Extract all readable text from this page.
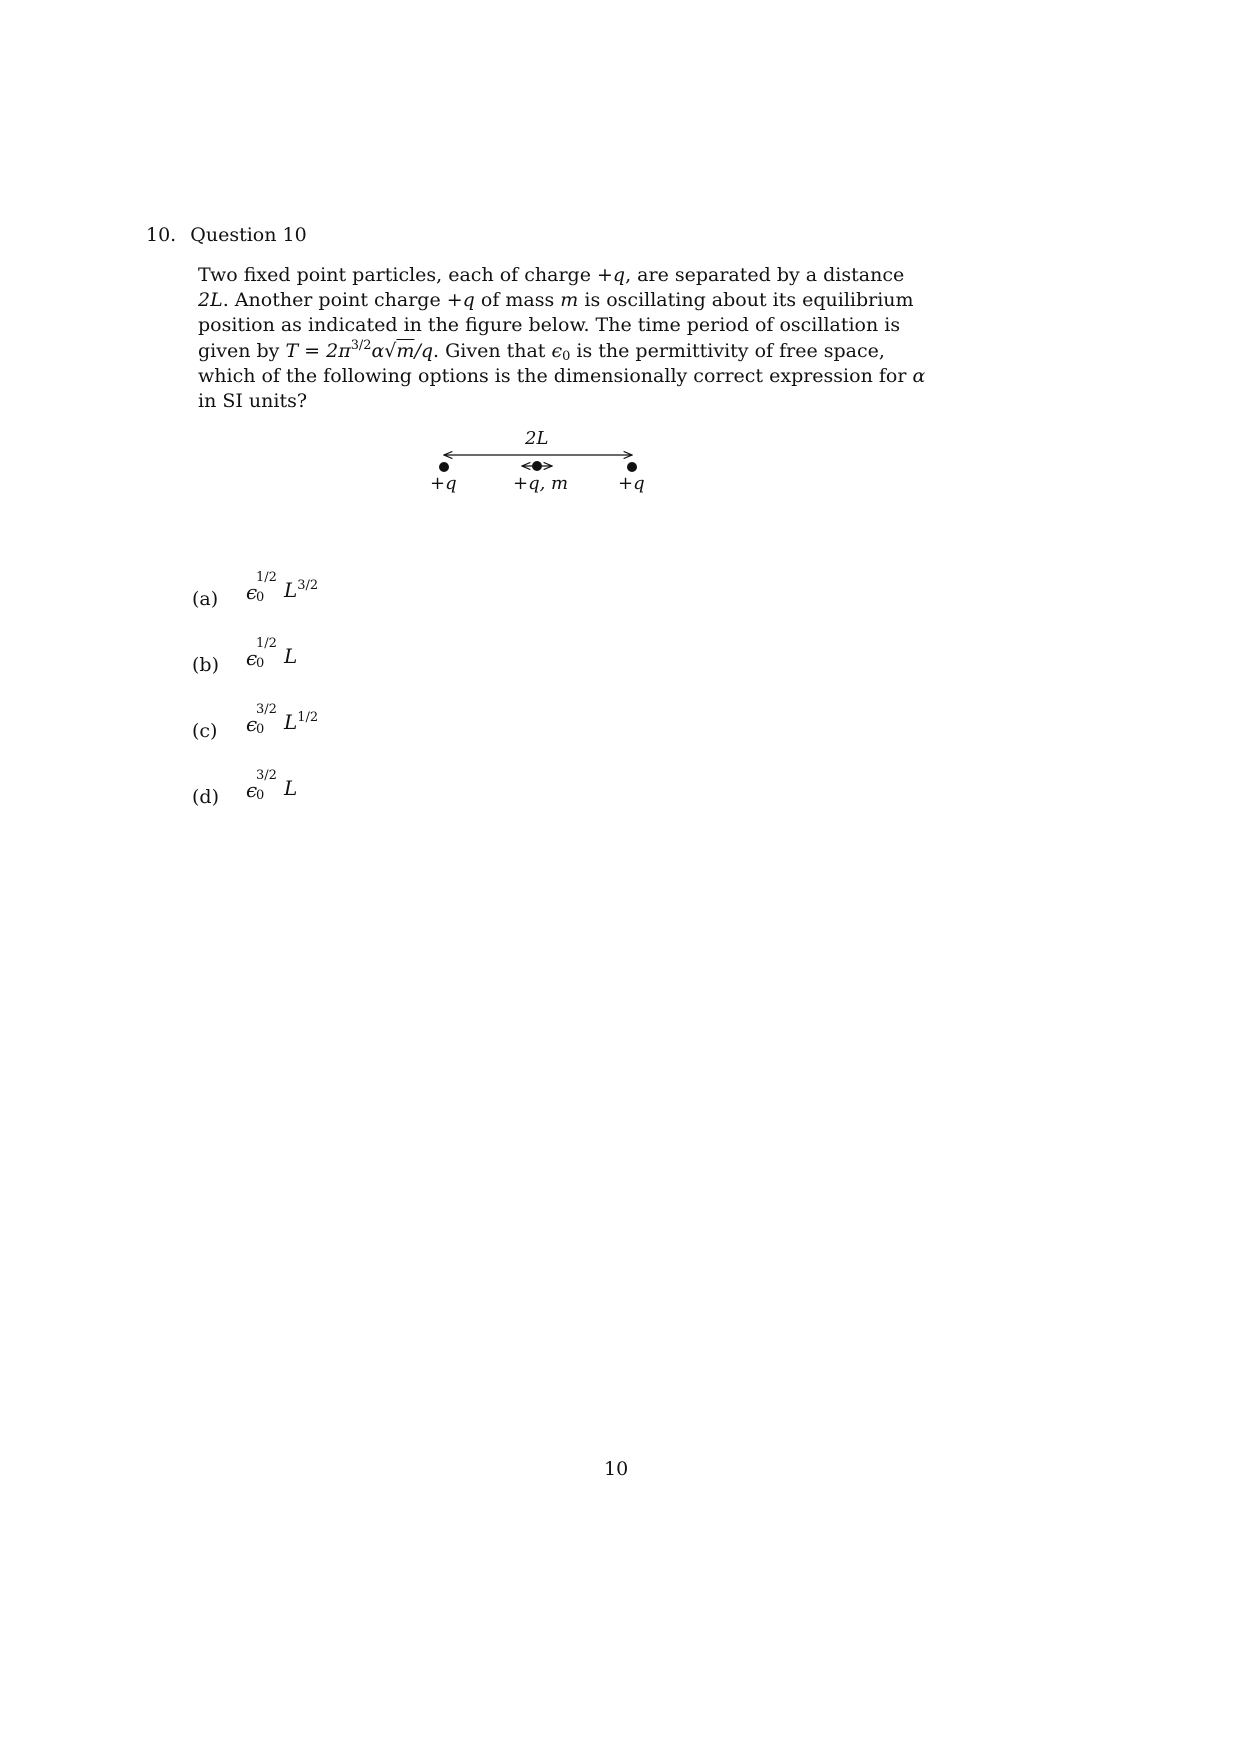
10. Question 10
Two fixed point particles, each of charge +q, are separated by a distance
2L. Another point charge +q of mass m is oscillating about its equilibrium
position as indicated in the figure below. The time period of oscillation is
given by $T = 2\pi^{3/2}\alpha√m/q$. Given that $\epsilon_0$ is the permittivity of free space,
which of the following options is the dimensionally correct expression for α
in SI units?
2L
+q	+q, m	+q
(a) ϵ
1/2
0 $L^{3/2}$
(b) ϵ
1/2
0 L
(c) ϵ
3/2
0 $L^{1/2}$
(d) ϵ
3/2
0 L
10
